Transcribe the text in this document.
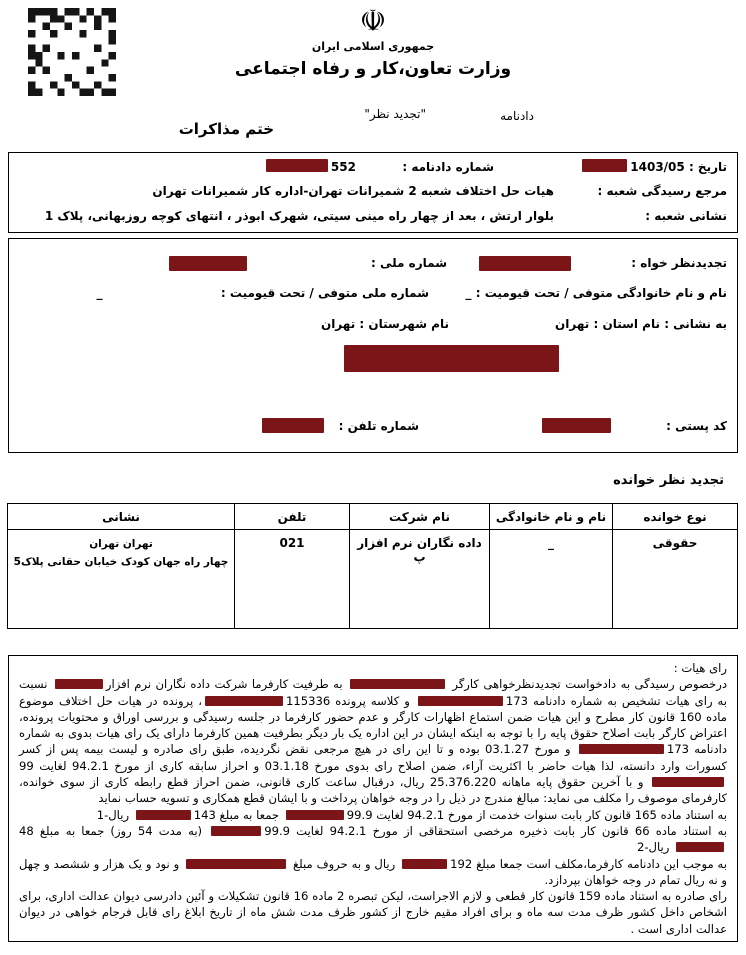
☫
جمهوری اسلامی ایران
وزارت تعاون،کار و رفاه اجتماعی
دادنامه
"تجدید نظر"
ختم مذاکرات
تاریخ : 1403/05
شماره دادنامه :  552
مرجع رسیدگی شعبه :
هیات حل اختلاف شعبه 2 شمیرانات تهران-اداره کار شمیرانات تهران
نشانی شعبه :
بلوار ارتش ، بعد از چهار راه مینی سیتی، شهرک ابوذر ، انتهای کوچه روزبهانی، پلاک 1
تجدیدنظر خواه :
شماره ملی :
نام و نام خانوادگی متوفی / تحت قیومیت : _
شماره ملی متوفی / تحت قیومیت :  _
به نشانی : نام استان : تهران
نام شهرستان : تهران
کد پستی :
شماره تلفن :
تجدید نظر خوانده
نوع خوانده	نام و نام خانوادگی	نام شرکت	تلفن	نشانی
حقوقی	_	داده نگاران نرم افزار پ	021	تهران تهران
چهار راه جهان کودک خیابان حقانی پلاک5

رای هیات :

درخصوص رسیدگی به دادخواست تجدیدنظرخواهی کارگر  به طرفیت کارفرما شرکت داده نگاران نرم افزار نسبت به رای هیات تشخیص به شماره دادنامه 173 و کلاسه پرونده 115336، پرونده در هیات حل اختلاف موضوع ماده 160 قانون کار مطرح و این هیات ضمن استماع اظهارات کارگر و عدم حضور کارفرما در جلسه رسیدگی و بررسی اوراق و محتویات پرونده، اعتراض کارگر بابت اصلاح حقوق پایه را با توجه به اینکه ایشان در این اداره یک بار دیگر بطرفیت همین کارفرما دارای یک رای هیات بدوی به شماره دادنامه 173 و مورخ 03.1.27 بوده و تا این رای در هیچ مرجعی نقض نگردیده، طبق رای صادره و لیست بیمه پس از کسر کسورات وارد دانسته، لذا هیات حاضر با اکثریت آراء، ضمن اصلاح رای بدوی مورخ 03.1.18 و احراز سابقه کاری از مورخ 94.2.1 لغایت 99 و با آخرین حقوق پایه ماهانه 25.376.220 ریال، درقبال ساعت کاری قانونی، ضمن احراز قطع رابطه کاری از سوی خوانده، کارفرمای موصوف را مکلف می نماید: مبالغ مندرج در ذیل را در وجه خواهان پرداخت و با ایشان قطع همکاری و تسویه حساب نماید

به استناد ماده 165 قانون کار بابت سنوات خدمت از مورخ 94.2.1 لغایت 99.9 جمعا به مبلغ 143 ریال-1

به استناد ماده 66 قانون کار بابت ذخیره مرخصی استحقاقی از مورخ 94.2.1 لغایت 99.9 (به مدت 54 روز) جمعا به مبلغ 48 ریال-2

به موجب این دادنامه کارفرما،مکلف است جمعا مبلغ 192 ریال و به حروف مبلغ  و نود و یک هزار و ششصد و چهل و نه ریال تمام در وجه خواهان بپردازد.

رای صادره به استناد ماده 159 قانون کار قطعی و لازم الاجراست، لیکن تبصره 2 ماده 16 قانون تشکیلات و آئین دادرسی دیوان عدالت اداری، برای اشخاص داخل کشور ظرف مدت سه ماه و برای افراد مقیم خارج از کشور ظرف مدت شش ماه از تاریخ ابلاغ رای قابل فرجام خواهی در دیوان عدالت اداری است .
